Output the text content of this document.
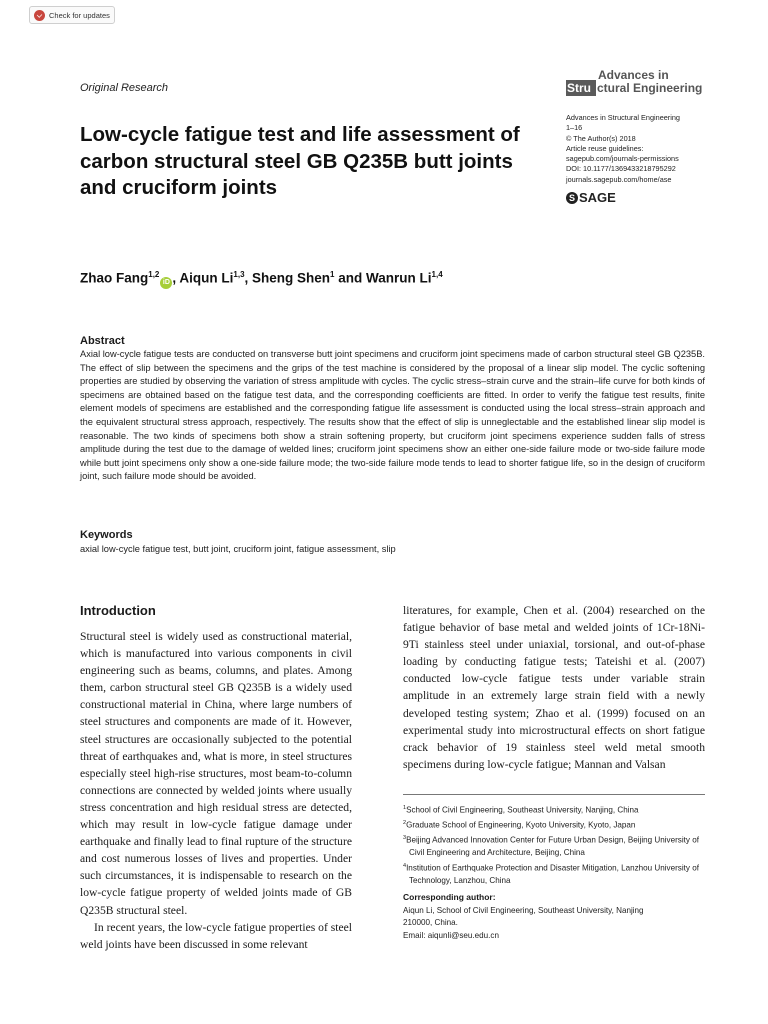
Check for updates
Original Research	Stru
Advances in
ctural Engineering
Advances in Structural Engineering
1–16
© The Author(s) 2018
Article reuse guidelines:
sagepub.com/journals-permissions
DOI: 10.1177/1369433218795292
journals.sagepub.com/home/ase
S SAGE
Low-cycle fatigue test and life assessment of carbon structural steel GB Q235B butt joints and cruciform joints
Zhao Fang$^{1,2}$iD , Aiqun Li$^{1,3}$, Sheng Shen$^1$ and Wanrun Li$^{1,4}$
Abstract
Axial low-cycle fatigue tests are conducted on transverse butt joint specimens and cruciform joint specimens made of carbon structural steel GB Q235B. The effect of slip between the specimens and the grips of the test machine is considered by the proposal of a linear slip model. The cyclic softening properties are studied by observing the variation of stress amplitude with cycles. The cyclic stress–strain curve and the strain–life curve for both kinds of specimens are obtained based on the fatigue test data, and the corresponding coefficients are fitted. In order to verify the fatigue test results, finite element models of specimens are established and the corresponding fatigue life assessment is conducted using the local stress–strain approach and the equivalent structural stress approach, respectively. The results show that the effect of slip is unneglectable and the established linear slip model is reasonable. The two kinds of specimens both show a strain softening property, but cruciform joint specimens experience sudden falls of stress amplitude during the test due to the damage of welded lines; cruciform joint specimens show an either one-side failure mode or two-side failure mode while butt joint specimens only show a one-side failure mode; the two-side failure mode tends to lead to shorter fatigue life, so in the design of cruciform joint, such failure mode should be avoided.
Keywords
axial low-cycle fatigue test, butt joint, cruciform joint, fatigue assessment, slip
Introduction

Structural steel is widely used as constructional material, which is manufactured into various components in civil engineering such as beams, columns, and plates. Among them, carbon structural steel GB Q235B is a widely used constructional material in China, where large numbers of steel structures and components are made of it. However, steel structures are occasionally subjected to the potential threat of earthquakes and, what is more, in steel structures especially steel high-rise structures, most beam-to-column connections are connected by welded joints where usually stress concentration and high residual stress are detected, which may result in low-cycle fatigue damage under earthquake and finally lead to final rupture of the structure and cost numerous losses of lives and properties. Under such circumstances, it is indispensable to research on the low-cycle fatigue property of welded joints made of GB Q235B structural steel.

In recent years, the low-cycle fatigue properties of steel weld joints have been discussed in some relevant

literatures, for example, Chen et al. (2004) researched on the fatigue behavior of base metal and welded joints of 1Cr-18Ni-9Ti stainless steel under uniaxial, torsional, and out-of-phase loading by conducting fatigue tests; Tateishi et al. (2007) conducted low-cycle fatigue tests under variable strain amplitude in an extremely large strain field with a newly developed testing system; Zhao et al. (1999) focused on an experimental study into microstructural effects on short fatigue crack behavior of 19 stainless steel weld metal smooth specimens during low-cycle fatigue; Mannan and Valsan

$^1$School of Civil Engineering, Southeast University, Nanjing, China
$^2$Graduate School of Engineering, Kyoto University, Kyoto, Japan
$^3$Beijing Advanced Innovation Center for Future Urban Design, Beijing University of Civil Engineering and Architecture, Beijing, China
$^4$Institution of Earthquake Protection and Disaster Mitigation, Lanzhou University of Technology, Lanzhou, China
Corresponding author:
Aiqun Li, School of Civil Engineering, Southeast University, Nanjing
210000, China.
Email: aiqunli@seu.edu.cn
